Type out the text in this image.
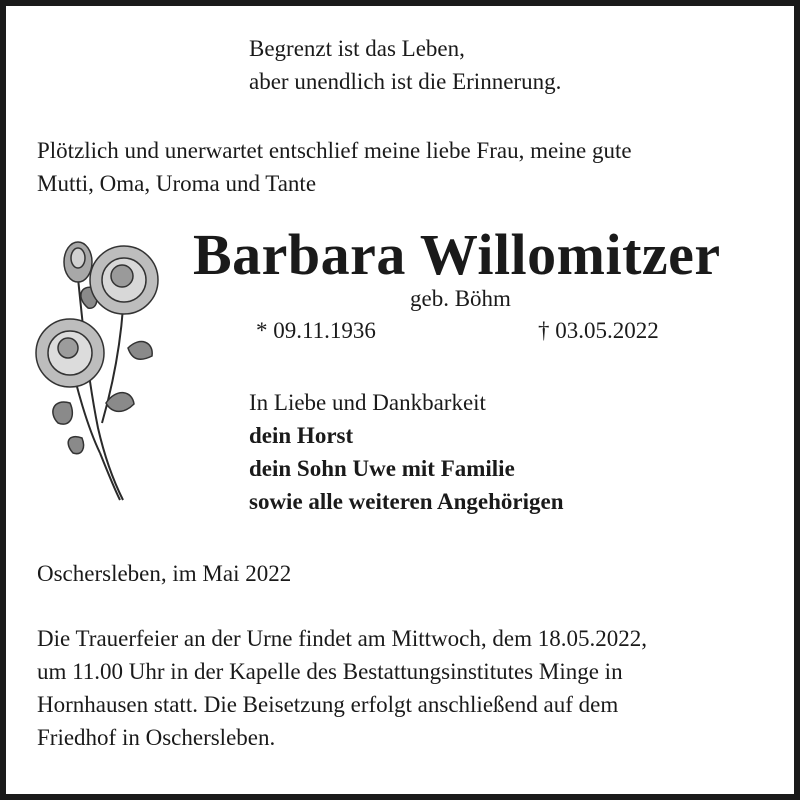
Begrenzt ist das Leben,
aber unendlich ist die Erinnerung.
Plötzlich und unerwartet entschlief meine liebe Frau, meine gute
Mutti, Oma, Uroma und Tante
Barbara Willomitzer
geb. Böhm
* 09.11.1936	† 03.05.2022
In Liebe und Dankbarkeit
dein Horst
dein Sohn Uwe mit Familie
sowie alle weiteren Angehörigen
Oschersleben, im Mai 2022
Die Trauerfeier an der Urne findet am Mittwoch, dem 18.05.2022,
um 11.00 Uhr in der Kapelle des Bestattungsinstitutes Minge in
Hornhausen statt. Die Beisetzung erfolgt anschließend auf dem
Friedhof in Oschersleben.
